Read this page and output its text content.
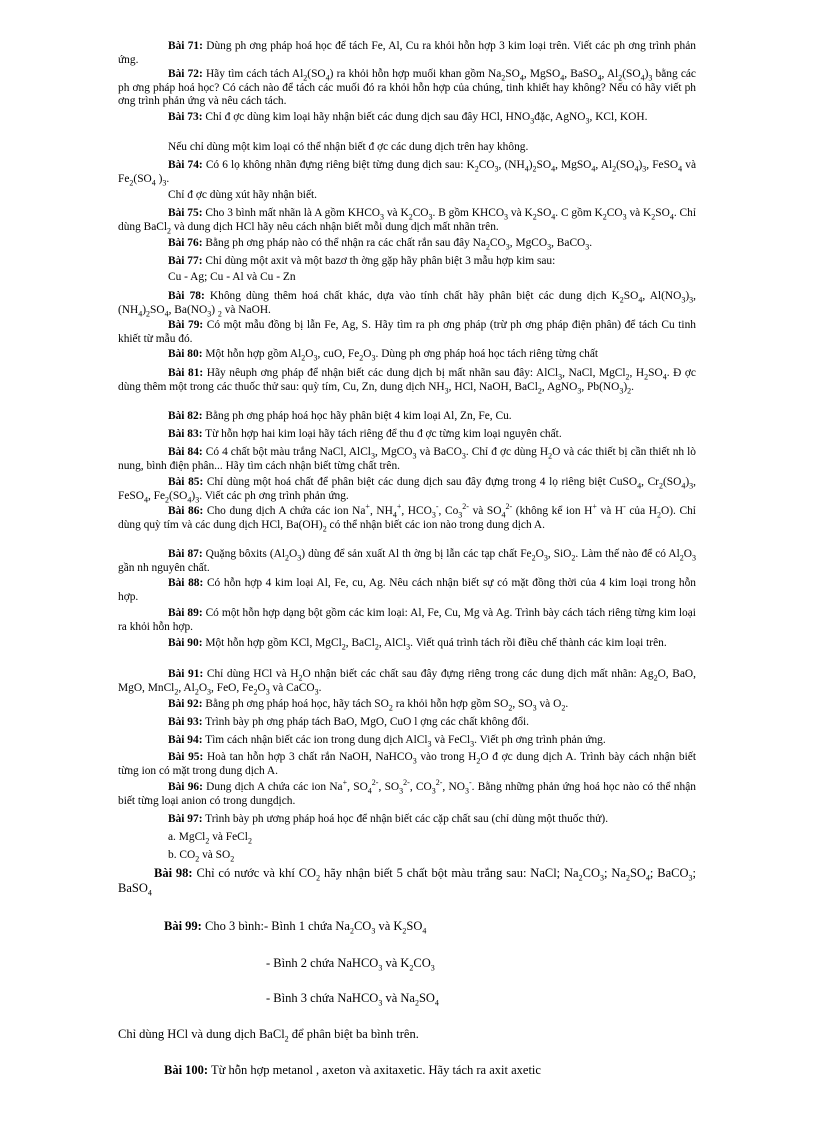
Bài 71: Dùng ph ơng pháp hoá học để tách Fe, Al, Cu ra khỏi hỗn hợp 3 kim loại trên. Viết các ph ơng trình phản ứng.

Bài 72: Hãy tìm cách tách $Al_2(SO_4)$ ra khỏi hỗn hợp muối khan gồm $Na_2SO_4$, MgSO$_4$, BaSO$_4$, $Al_2(SO_4)_3$ bằng các ph ơng pháp hoá học? Có cách nào để tách các muối đó ra khỏi hỗn hợp của chúng, tinh khiết hay không? Nếu có hãy viết ph ơng trình phản ứng và nêu cách tách.

Bài 73: Chỉ đ ợc dùng kim loại hãy nhận biết các dung dịch sau đây HCl, $HNO_3đặc$, AgNO$_3$, KCl, KOH.

Nếu chỉ dùng một kim loại có thể nhận biết đ ợc các dung dịch trên hay không.

Bài 74: Có 6 lọ không nhãn đựng riêng biệt từng dung dịch sau: $K_2CO_3$, $(NH_4)_2SO_4$, MgSO$_4$, $Al_2(SO_4)_3$, FeSO$_4$ và $Fe_2(SO_4$ )$_3$.

Chỉ đ ợc dùng xút hãy nhận biết.

Bài 75: Cho 3 bình mất nhãn là A gồm $KHCO_3$ và $K_2CO_3$. B gồm $KHCO_3$ và $K_2SO_4$. C gồm $K_2CO_3$ và $K_2SO_4$. Chỉ dùng BaCl$_2$ và dung dịch HCl hãy nêu cách nhận biết mỗi dung dịch mất nhãn trên.

Bài 76: Bằng ph ơng pháp nào có thể nhận ra các chất rắn sau đây $Na_2CO_3$, MgCO$_3$, BaCO$_3$.

Bài 77: Chỉ dùng một axit và một bazơ th ờng gặp hãy phân biệt 3 mẫu hợp kim sau:

Cu - Ag; Cu - Al và Cu - Zn

Bài 78: Không dùng thêm hoá chất khác, dựa vào tính chất hãy phân biệt các dung dịch $K_2SO_4$, $Al(NO_3)_3$, $(NH_4)_2SO_4$, $Ba(NO_3)$ $_2$ và NaOH.

Bài 79: Có một mẫu đồng bị lẫn Fe, Ag, S. Hãy tìm ra ph ơng pháp (trừ ph ơng pháp điện phân) để tách Cu tinh khiết từ mẫu đó.

Bài 80: Một hỗn hợp gồm $Al_2O_3$, cuO, $Fe_2O_3$. Dùng ph ơng pháp hoá học tách riêng từng chất

Bài 81: Hãy nêuph ơng pháp để nhận biết các dung dịch bị mất nhãn sau đây: AlCl$_3$, NaCl, MgCl$_2$, $H_2SO_4$. Đ ợc dùng thêm một trong các thuốc thử sau: quỳ tím, Cu, Zn, dung dịch $NH_3$, HCl, NaOH, BaCl$_2$, AgNO$_3$, $Pb(NO_3)_2$.

Bài 82: Bằng ph ơng pháp hoá học hãy phân biệt 4 kim loại Al, Zn, Fe, Cu.

Bài 83: Từ hỗn hợp hai kim loại hãy tách riêng để thu đ ợc từng kim loại nguyên chất.

Bài 84: Có 4 chất bột màu trắng NaCl, AlCl$_3$, MgCO$_3$ và BaCO$_3$. Chỉ đ ợc dùng $H_2O$ và các thiết bị cần thiết nh lò nung, bình điện phân... Hãy tìm cách nhận biết từng chất trên.

Bài 85: Chỉ dùng một hoá chất để phân biệt các dung dịch sau đây đựng trong 4 lọ riêng biệt CuSO$_4$, $Cr_2(SO_4)_3$, FeSO$_4$, $Fe_2(SO_4)_3$. Viết các ph ơng trình phản ứng.

Bài 86: Cho dung dịch A chứa các ion Na+, $NH_4^+$, $HCO_3^-$, $Co_3^{2-}$ và $SO_4^{2-}$ (không kể ion H+ và H- của $H_2O$). Chỉ dùng quỳ tím và các dung dịch HCl, $Ba(OH)_2$ có thể nhận biết các ion nào trong dung dịch A.

Bài 87: Quặng bôxits $(Al_2O_3)$ dùng để sản xuất Al th ờng bị lẫn các tạp chất $Fe_2O_3$, SiO$_2$. Làm thế nào để có $Al_2O_3$ gần nh nguyên chất.

Bài 88: Có hỗn hợp 4 kim loại Al, Fe, cu, Ag. Nêu cách nhận biết sự có mặt đồng thời của 4 kim loại trong hỗn hợp.

Bài 89: Có một hỗn hợp dạng bột gồm các kim loại: Al, Fe, Cu, Mg và Ag. Trình bày cách tách riêng từng kim loại ra khỏi hỗn hợp.

Bài 90: Một hỗn hợp gồm KCl, MgCl$_2$, BaCl$_2$, AlCl$_3$. Viết quá trình tách rồi điều chế thành các kim loại trên.

Bài 91: Chỉ dùng HCl và $H_2O$ nhận biết các chất sau đây đựng riêng trong các dung dịch mất nhãn: $Ag_2O$, BaO, MgO, MnCl$_2$, $Al_2O_3$, FeO, $Fe_2O_3$ và CaCO$_3$.

Bài 92: Bằng ph ơng pháp hoá học, hãy tách $SO_2$ ra khỏi hỗn hợp gồm $SO_2$, $SO_3$ và $O_2$.

Bài 93: Trình bày ph ơng pháp tách BaO, MgO, CuO l ợng các chất không đổi.

Bài 94: Tìm cách nhận biết các ion trong dung dịch AlCl$_3$ và FeCl$_3$. Viết ph ơng trình phản ứng.

Bài 95: Hoà tan hỗn hợp 3 chất rắn NaOH, NaHCO$_3$ vào trong $H_2O$ đ ợc dung dịch A. Trình bày cách nhận biết từng ion có mặt trong dung dịch A.

Bài 96: Dung dịch A chứa các ion Na+, $SO_4^{2-}$, $SO_3^{2-}$, $CO_3^{2-}$, $NO_3^-$. Bằng những phản ứng hoá học nào có thể nhận biết từng loại anion có trong dungdịch.

Bài 97: Trình bày ph ương pháp hoá học để nhận biết các cặp chất sau (chỉ dùng một thuốc thử).

a. MgCl$_2$ và FeCl$_2$

b. $CO_2$ và $SO_2$

Bài 98: Chỉ có nước và khí $CO_2$ hãy nhận biết 5 chất bột màu trắng sau: NaCl; $Na_2CO_3$; $Na_2SO_4$; BaCO$_3$; BaSO$_4$

Bài 99: Cho 3 bình:- Bình 1 chứa $Na_2CO_3$ và $K_2SO_4$

- Bình 2 chứa NaHCO$_3$ và $K_2CO_3$

- Bình 3 chứa NaHCO$_3$ và $Na_2SO_4$

Chỉ dùng HCl và dung dịch BaCl$_2$ để phân biệt ba bình trên.

Bài 100: Từ hỗn hợp metanol , axeton và axitaxetic. Hãy tách ra axit axetic
